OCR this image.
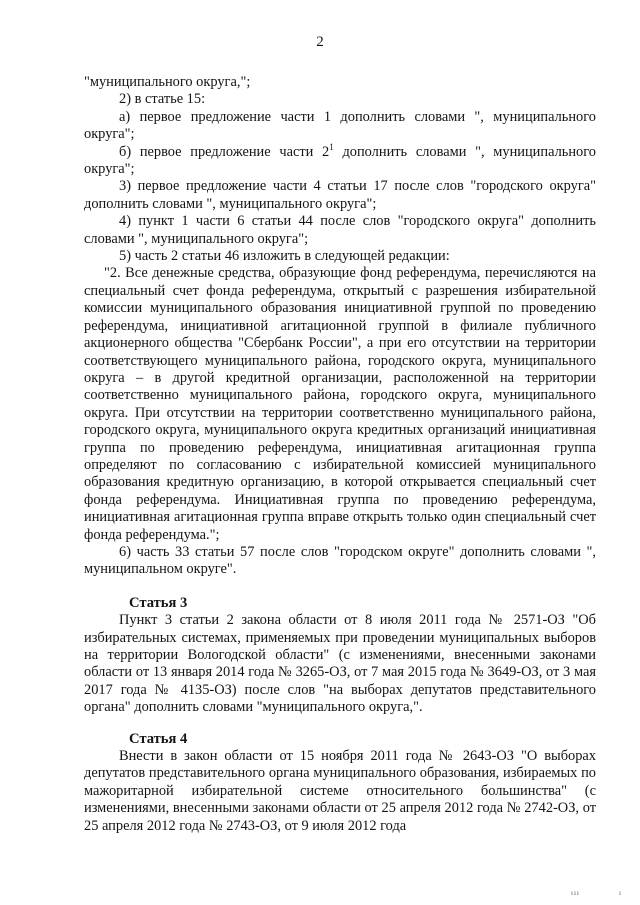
2

"муниципального округа,";

2) в статье 15:

а) первое предложение части 1 дополнить словами ", муниципального округа";

б) первое предложение части $2^1$ дополнить словами ", муниципального округа";

3) первое предложение части 4 статьи 17 после слов "городского округа" дополнить словами ", муниципального округа";

4) пункт 1 части 6 статьи 44 после слов "городского округа" дополнить словами ", муниципального округа";

5) часть 2 статьи 46 изложить в следующей редакции:

"2. Все денежные средства, образующие фонд референдума, перечисляются на специальный счет фонда референдума, открытый с разрешения избирательной комиссии муниципального образования инициативной группой по проведению референдума, инициативной агитационной группой в филиале публичного акционерного общества "Сбербанк России", а при его отсутствии на территории соответствующего муниципального района, городского округа, муниципального округа – в другой кредитной организации, расположенной на территории соответственно муниципального района, городского округа, муниципального округа. При отсутствии на территории соответственно муниципального района, городского округа, муниципального округа кредитных организаций инициативная группа по проведению референдума, инициативная агитационная группа определяют по согласованию с избирательной комиссией муниципального образования кредитную организацию, в которой открывается специальный счет фонда референдума. Инициативная группа по проведению референдума, инициативная агитационная группа вправе открыть только один специальный счет фонда референдума.";

6) часть 33 статьи 57 после слов "городском округе" дополнить словами ", муниципальном округе".

Статья 3

Пункт 3 статьи 2 закона области от 8 июля 2011 года № 2571-ОЗ "Об избирательных системах, применяемых при проведении муниципальных выборов на территории Вологодской области" (с изменениями, внесенными законами области от 13 января 2014 года № 3265-ОЗ, от 7 мая 2015 года № 3649-ОЗ, от 3 мая 2017 года № 4135-ОЗ) после слов "на выборах депутатов представительного органа" дополнить словами "муниципального округа,".

Статья 4

Внести в закон области от 15 ноября 2011 года № 2643-ОЗ "О выборах депутатов представительного органа муниципального образования, избираемых по мажоритарной избирательной системе относительного большинства" (с изменениями, внесенными законами области от 25 апреля 2012 года № 2742-ОЗ, от 25 апреля 2012 года № 2743-ОЗ, от 9 июля 2012 года

ııı	ı
